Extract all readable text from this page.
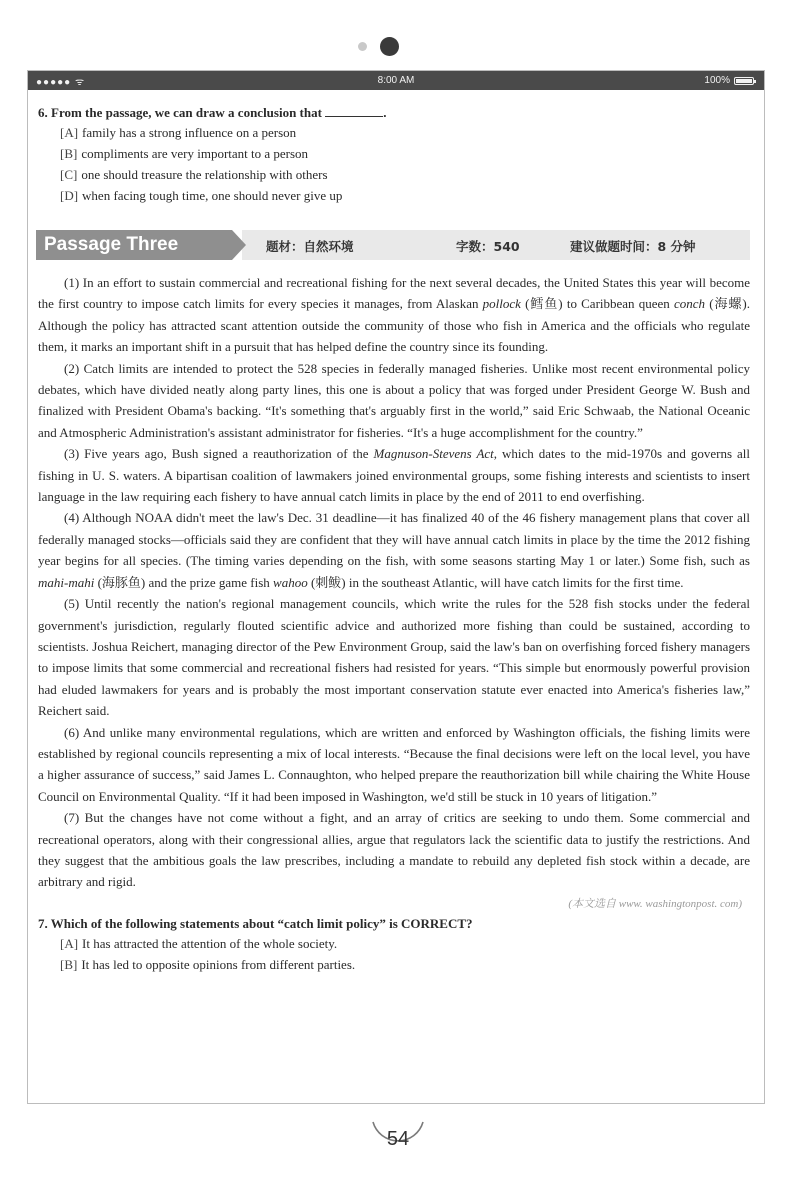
●●●●● ᯤ	8:00 AM	100%

6. From the passage, we can draw a conclusion that	.

[A] family has a strong influence on a person
[B] compliments are very important to a person
[C] one should treasure the relationship with others
[D] when facing tough time, one should never give up
Passage Three	题材：自然环境	字数：540	建议做题时间：8 分钟

(1) In an effort to sustain commercial and recreational fishing for the next several decades, the United States this year will become the first country to impose catch limits for every species it manages, from Alaskan pollock (鳕鱼) to Caribbean queen conch (海螺). Although the policy has attracted scant attention outside the community of those who fish in America and the officials who regulate them, it marks an important shift in a pursuit that has helped define the country since its founding.

(2) Catch limits are intended to protect the 528 species in federally managed fisheries. Unlike most recent environmental policy debates, which have divided neatly along party lines, this one is about a policy that was forged under President George W. Bush and finalized with President Obama's backing. “It's something that's arguably first in the world,” said Eric Schwaab, the National Oceanic and Atmospheric Administration's assistant administrator for fisheries. “It's a huge accomplishment for the country.”

(3) Five years ago, Bush signed a reauthorization of the Magnuson-Stevens Act, which dates to the mid-1970s and governs all fishing in U. S. waters. A bipartisan coalition of lawmakers joined environmental groups, some fishing interests and scientists to insert language in the law requiring each fishery to have annual catch limits in place by the end of 2011 to end overfishing.

(4) Although NOAA didn't meet the law's Dec. 31 deadline—it has finalized 40 of the 46 fishery management plans that cover all federally managed stocks—officials said they are confident that they will have annual catch limits in place by the time the 2012 fishing year begins for all species. (The timing varies depending on the fish, with some seasons starting May 1 or later.) Some fish, such as mahi-mahi (海豚鱼) and the prize game fish wahoo (刺鲅) in the southeast Atlantic, will have catch limits for the first time.

(5) Until recently the nation's regional management councils, which write the rules for the 528 fish stocks under the federal government's jurisdiction, regularly flouted scientific advice and authorized more fishing than could be sustained, according to scientists. Joshua Reichert, managing director of the Pew Environment Group, said the law's ban on overfishing forced fishery managers to impose limits that some commercial and recreational fishers had resisted for years. “This simple but enormously powerful provision had eluded lawmakers for years and is probably the most important conservation statute ever enacted into America's fisheries law,” Reichert said.

(6) And unlike many environmental regulations, which are written and enforced by Washington officials, the fishing limits were established by regional councils representing a mix of local interests. “Because the final decisions were left on the local level, you have a higher assurance of success,” said James L. Connaughton, who helped prepare the reauthorization bill while chairing the White House Council on Environmental Quality. “If it had been imposed in Washington, we'd still be stuck in 10 years of litigation.”

(7) But the changes have not come without a fight, and an array of critics are seeking to undo them. Some commercial and recreational operators, along with their congressional allies, argue that regulators lack the scientific data to justify the restrictions. And they suggest that the ambitious goals the law prescribes, including a mandate to rebuild any depleted fish stock within a decade, are arbitrary and rigid.

(本文选自 www. washingtonpost. com)

7. Which of the following statements about “catch limit policy” is CORRECT?

[A] It has attracted the attention of the whole society.
[B] It has led to opposite opinions from different parties.
54
